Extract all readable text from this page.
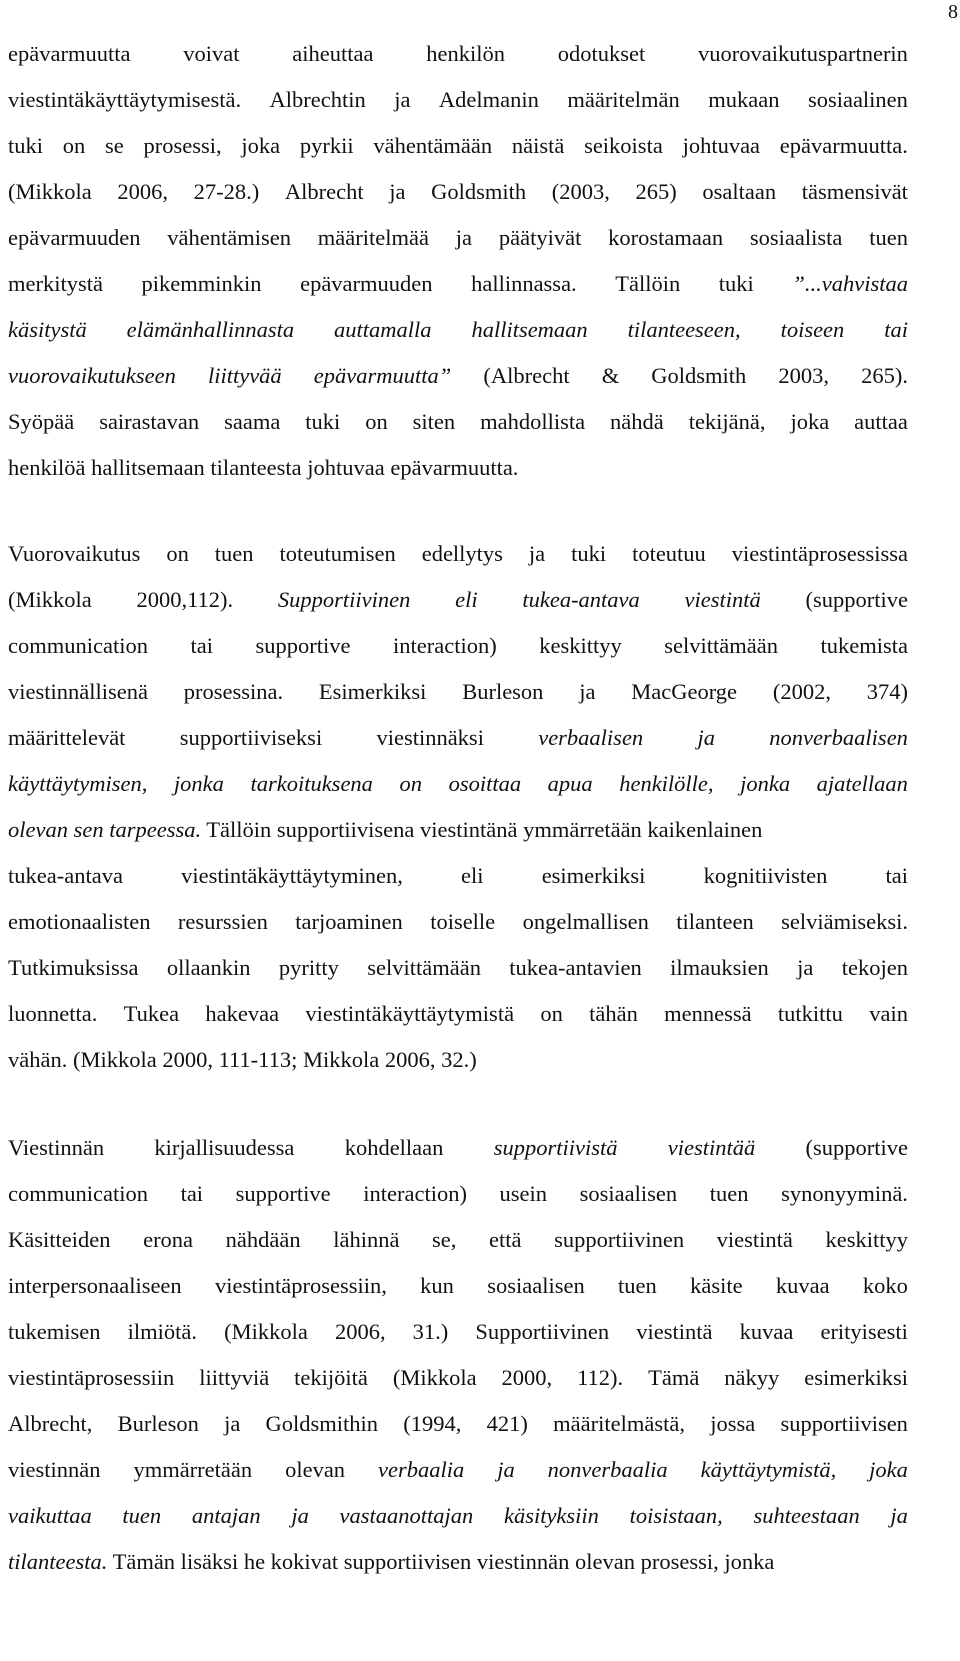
8
epävarmuutta voivat aiheuttaa henkilön odotukset vuorovaikutuspartnerin
viestintäkäyttäytymisestä. Albrechtin ja Adelmanin määritelmän mukaan sosiaalinen
tuki on se prosessi, joka pyrkii vähentämään näistä seikoista johtuvaa epävarmuutta.
(Mikkola 2006, 27-28.) Albrecht ja Goldsmith (2003, 265) osaltaan täsmensivät
epävarmuuden vähentämisen määritelmää ja päätyivät korostamaan sosiaalista tuen
merkitystä pikemminkin epävarmuuden hallinnassa. Tällöin tuki ”...vahvistaa
käsitystä elämänhallinnasta auttamalla hallitsemaan tilanteeseen, toiseen tai
vuorovaikutukseen liittyvää epävarmuutta” (Albrecht & Goldsmith 2003, 265).
Syöpää sairastavan saama tuki on siten mahdollista nähdä tekijänä, joka auttaa
henkilöä hallitsemaan tilanteesta johtuvaa epävarmuutta.
Vuorovaikutus on tuen toteutumisen edellytys ja tuki toteutuu viestintäprosessissa
(Mikkola 2000,112). Supportiivinen eli tukea-antava viestintä (supportive
communication tai supportive interaction) keskittyy selvittämään tukemista
viestinnällisenä prosessina. Esimerkiksi Burleson ja MacGeorge (2002, 374)
määrittelevät supportiiviseksi viestinnäksi verbaalisen ja nonverbaalisen
käyttäytymisen, jonka tarkoituksena on osoittaa apua henkilölle, jonka ajatellaan
olevan sen tarpeessa. Tällöin supportiivisena viestintänä ymmärretään kaikenlainen
tukea-antava	viestintäkäyttäytyminen,	eli	esimerkiksi	kognitiivisten	tai
emotionaalisten resurssien tarjoaminen toiselle ongelmallisen tilanteen selviämiseksi.
Tutkimuksissa ollaankin pyritty selvittämään tukea-antavien ilmauksien ja tekojen
luonnetta. Tukea hakevaa viestintäkäyttäytymistä on tähän mennessä tutkittu vain
vähän. (Mikkola 2000, 111-113; Mikkola 2006, 32.)
Viestinnän kirjallisuudessa kohdellaan supportiivistä viestintää (supportive
communication tai supportive interaction) usein sosiaalisen tuen synonyyminä.
Käsitteiden erona nähdään lähinnä se, että supportiivinen viestintä keskittyy
interpersonaaliseen viestintäprosessiin, kun sosiaalisen tuen käsite kuvaa koko
tukemisen ilmiötä. (Mikkola 2006, 31.) Supportiivinen viestintä kuvaa erityisesti
viestintäprosessiin liittyviä tekijöitä (Mikkola 2000, 112). Tämä näkyy esimerkiksi
Albrecht, Burleson ja Goldsmithin (1994, 421) määritelmästä, jossa supportiivisen
viestinnän ymmärretään olevan verbaalia ja nonverbaalia käyttäytymistä, joka
vaikuttaa tuen antajan ja vastaanottajan käsityksiin toisistaan, suhteestaan ja
tilanteesta. Tämän lisäksi he kokivat supportiivisen viestinnän olevan prosessi, jonka
